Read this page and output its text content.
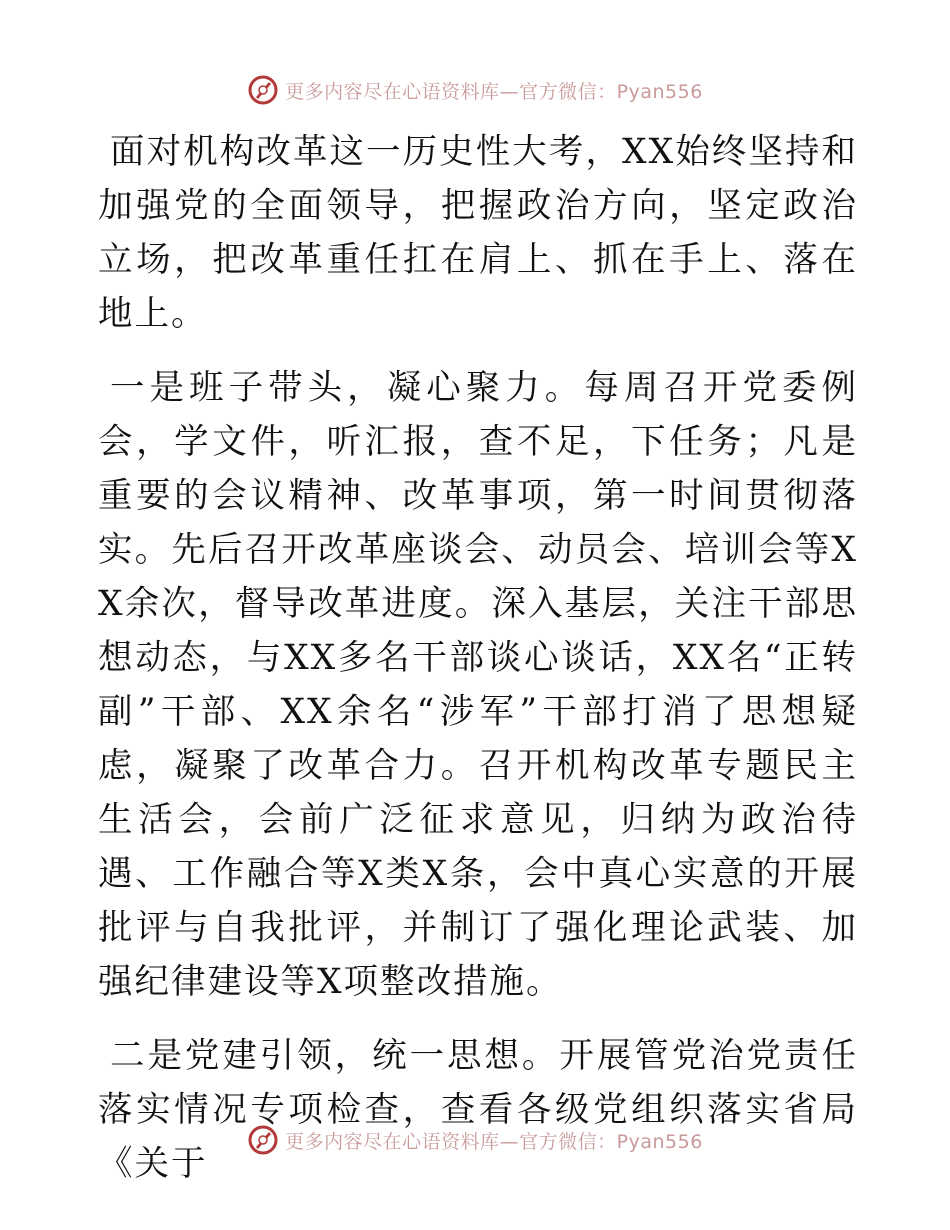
更多内容尽在心语资料库—官方微信：Pyan556

面对机构改革这一历史性大考，XX始终坚持和加强党的全面领导，把握政治方向，坚定政治立场，把改革重任扛在肩上、抓在手上、落在地上。

一是班子带头，凝心聚力。每周召开党委例会，学文件，听汇报，查不足，下任务；凡是重要的会议精神、改革事项，第一时间贯彻落实。先后召开改革座谈会、动员会、培训会等XX余次，督导改革进度。深入基层，关注干部思想动态，与XX多名干部谈心谈话，XX名“正转副”干部、XX余名“涉军”干部打消了思想疑虑，凝聚了改革合力。召开机构改革专题民主生活会，会前广泛征求意见，归纳为政治待遇、工作融合等X类X条，会中真心实意的开展批评与自我批评，并制订了强化理论武装、加强纪律建设等X项整改措施。

二是党建引领，统一思想。开展管党治党责任落实情况专项检查，查看各级党组织落实省局《关于

更多内容尽在心语资料库—官方微信：Pyan556
